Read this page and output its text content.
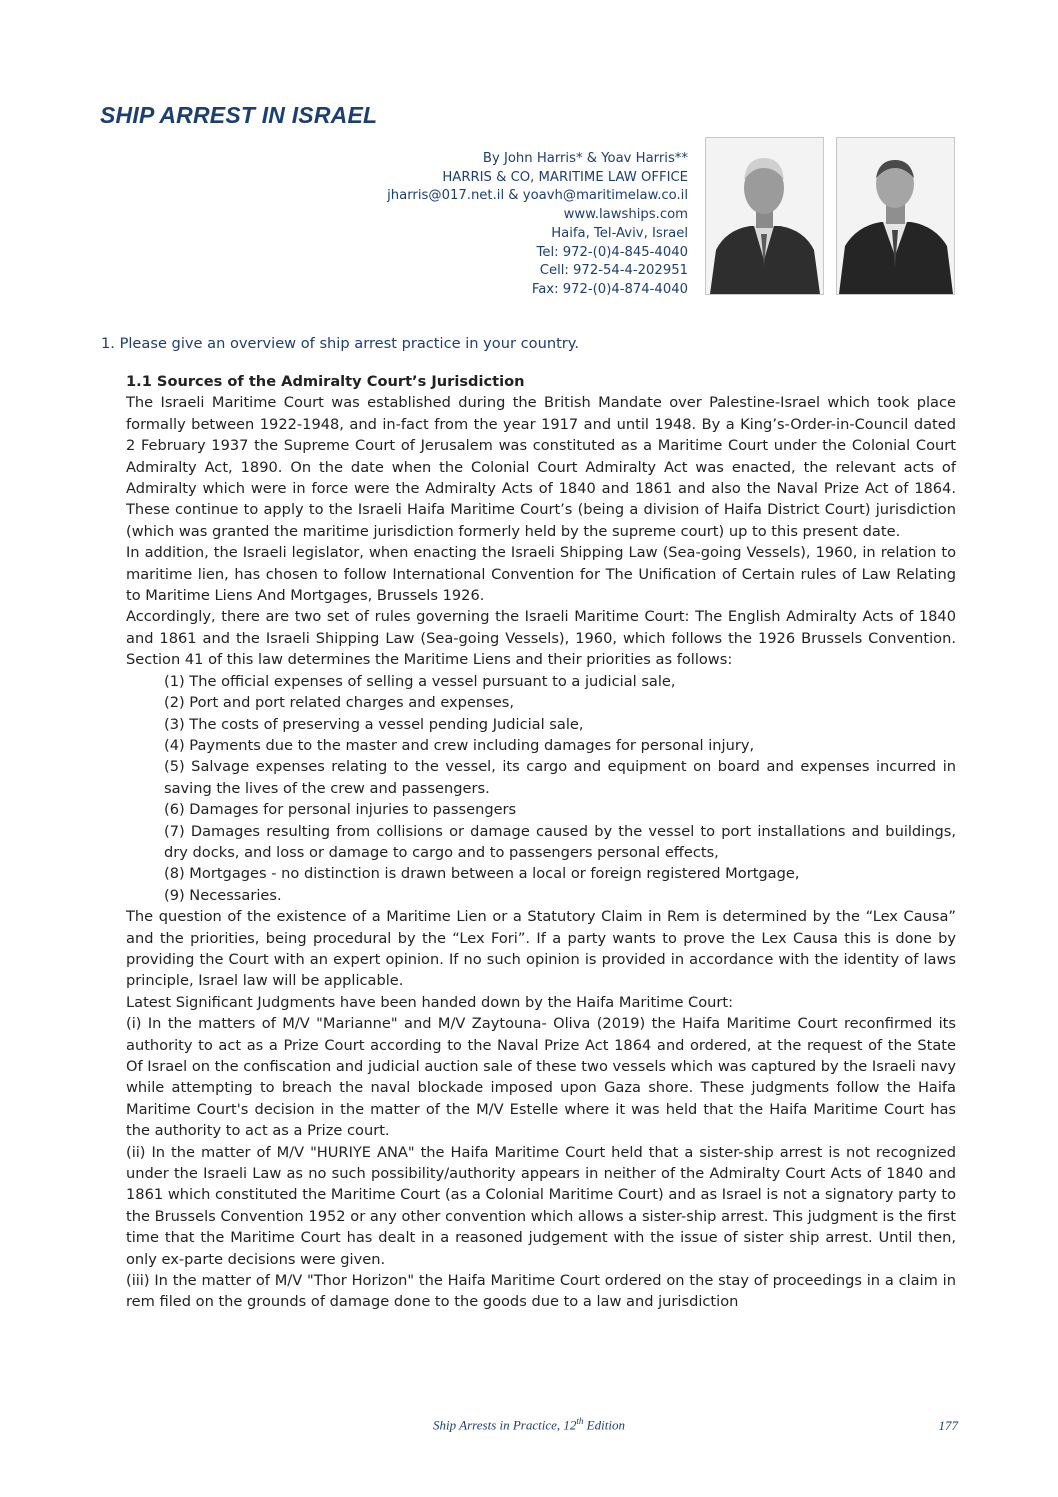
SHIP ARREST IN ISRAEL
By John Harris* & Yoav Harris**
HARRIS & CO, MARITIME LAW OFFICE
jharris@017.net.il & yoavh@maritimelaw.co.il
www.lawships.com
Haifa, Tel-Aviv, Israel
Tel: 972-(0)4-845-4040
Cell: 972-54-4-202951
Fax: 972-(0)4-874-4040

1. Please give an overview of ship arrest practice in your country.

1.1 Sources of the Admiralty Court’s Jurisdiction

The Israeli Maritime Court was established during the British Mandate over Palestine-Israel which took place formally between 1922-1948, and in-fact from the year 1917 and until 1948. By a King’s-Order-in-Council dated 2 February 1937 the Supreme Court of Jerusalem was constituted as a Maritime Court under the Colonial Court Admiralty Act, 1890. On the date when the Colonial Court Admiralty Act was enacted, the relevant acts of Admiralty which were in force were the Admiralty Acts of 1840 and 1861 and also the Naval Prize Act of 1864. These continue to apply to the Israeli Haifa Maritime Court’s (being a division of Haifa District Court) jurisdiction (which was granted the maritime jurisdiction formerly held by the supreme court) up to this present date.

In addition, the Israeli legislator, when enacting the Israeli Shipping Law (Sea-going Vessels), 1960, in relation to maritime lien, has chosen to follow International Convention for The Unification of Certain rules of Law Relating to Maritime Liens And Mortgages, Brussels 1926.

Accordingly, there are two set of rules governing the Israeli Maritime Court: The English Admiralty Acts of 1840 and 1861 and the Israeli Shipping Law (Sea-going Vessels), 1960, which follows the 1926 Brussels Convention. Section 41 of this law determines the Maritime Liens and their priorities as follows:

(1) The official expenses of selling a vessel pursuant to a judicial sale,
(2) Port and port related charges and expenses,
(3) The costs of preserving a vessel pending Judicial sale,
(4) Payments due to the master and crew including damages for personal injury,
(5) Salvage expenses relating to the vessel, its cargo and equipment on board and expenses incurred in saving the lives of the crew and passengers.
(6) Damages for personal injuries to passengers
(7) Damages resulting from collisions or damage caused by the vessel to port installations and buildings, dry docks, and loss or damage to cargo and to passengers personal effects,
(8) Mortgages - no distinction is drawn between a local or foreign registered Mortgage,
(9) Necessaries.

The question of the existence of a Maritime Lien or a Statutory Claim in Rem is determined by the “Lex Causa” and the priorities, being procedural by the “Lex Fori”. If a party wants to prove the Lex Causa this is done by providing the Court with an expert opinion. If no such opinion is provided in accordance with the identity of laws principle, Israel law will be applicable.

Latest Significant Judgments have been handed down by the Haifa Maritime Court:

(i) In the matters of M/V "Marianne" and M/V Zaytouna- Oliva (2019) the Haifa Maritime Court reconfirmed its authority to act as a Prize Court according to the Naval Prize Act 1864 and ordered, at the request of the State Of Israel on the confiscation and judicial auction sale of these two vessels which was captured by the Israeli navy while attempting to breach the naval blockade imposed upon Gaza shore. These judgments follow the Haifa Maritime Court's decision in the matter of the M/V Estelle where it was held that the Haifa Maritime Court has the authority to act as a Prize court.

(ii) In the matter of M/V "HURIYE ANA" the Haifa Maritime Court held that a sister-ship arrest is not recognized under the Israeli Law as no such possibility/authority appears in neither of the Admiralty Court Acts of 1840 and 1861 which constituted the Maritime Court (as a Colonial Maritime Court) and as Israel is not a signatory party to the Brussels Convention 1952 or any other convention which allows a sister-ship arrest. This judgment is the first time that the Maritime Court has dealt in a reasoned judgement with the issue of sister ship arrest. Until then, only ex-parte decisions were given.

(iii) In the matter of M/V "Thor Horizon" the Haifa Maritime Court ordered on the stay of proceedings in a claim in rem filed on the grounds of damage done to the goods due to a law and jurisdiction

Ship Arrests in Practice, 12th Edition	177
